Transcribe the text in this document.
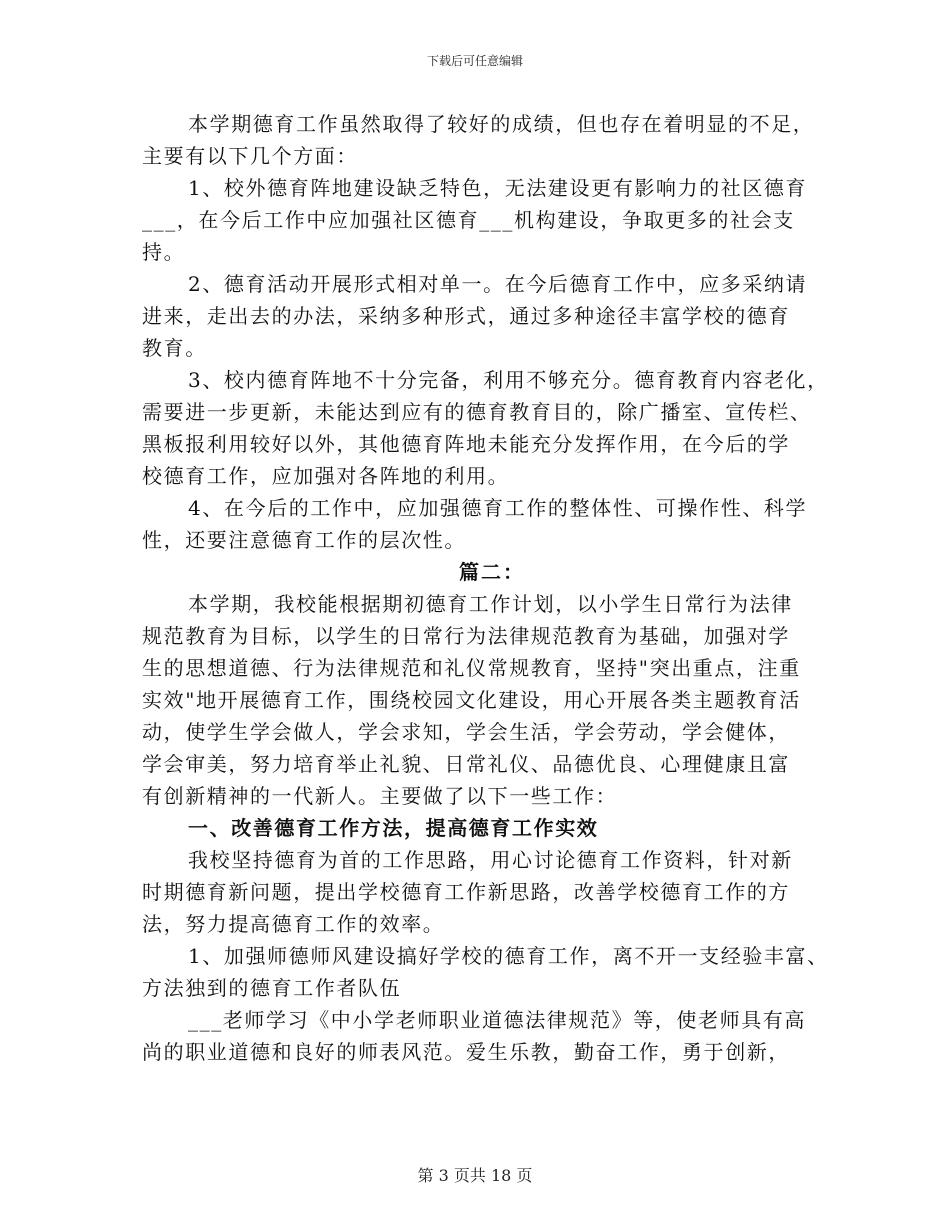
下载后可任意编辑
本学期德育工作虽然取得了较好的成绩，但也存在着明显的不足，
主要有以下几个方面：
1、校外德育阵地建设缺乏特色，无法建设更有影响力的社区德育
___，在今后工作中应加强社区德育___机构建设，争取更多的社会支
持。
2、德育活动开展形式相对单一。在今后德育工作中，应多采纳请
进来，走出去的办法，采纳多种形式，通过多种途径丰富学校的德育
教育。
3、校内德育阵地不十分完备，利用不够充分。德育教育内容老化，
需要进一步更新，未能达到应有的德育教育目的，除广播室、宣传栏、
黑板报利用较好以外，其他德育阵地未能充分发挥作用，在今后的学
校德育工作，应加强对各阵地的利用。
4、在今后的工作中，应加强德育工作的整体性、可操作性、科学
性，还要注意德育工作的层次性。
篇二：
本学期，我校能根据期初德育工作计划，以小学生日常行为法律
规范教育为目标，以学生的日常行为法律规范教育为基础，加强对学
生的思想道德、行为法律规范和礼仪常规教育，坚持"突出重点，注重
实效"地开展德育工作，围绕校园文化建设，用心开展各类主题教育活
动，使学生学会做人，学会求知，学会生活，学会劳动，学会健体，
学会审美，努力培育举止礼貌、日常礼仪、品德优良、心理健康且富
有创新精神的一代新人。主要做了以下一些工作：
一、改善德育工作方法，提高德育工作实效
我校坚持德育为首的工作思路，用心讨论德育工作资料，针对新
时期德育新问题，提出学校德育工作新思路，改善学校德育工作的方
法，努力提高德育工作的效率。
1、加强师德师风建设搞好学校的德育工作，离不开一支经验丰富、
方法独到的德育工作者队伍
___老师学习《中小学老师职业道德法律规范》等，使老师具有高
尚的职业道德和良好的师表风范。爱生乐教，勤奋工作，勇于创新，
第 3 页共 18 页
